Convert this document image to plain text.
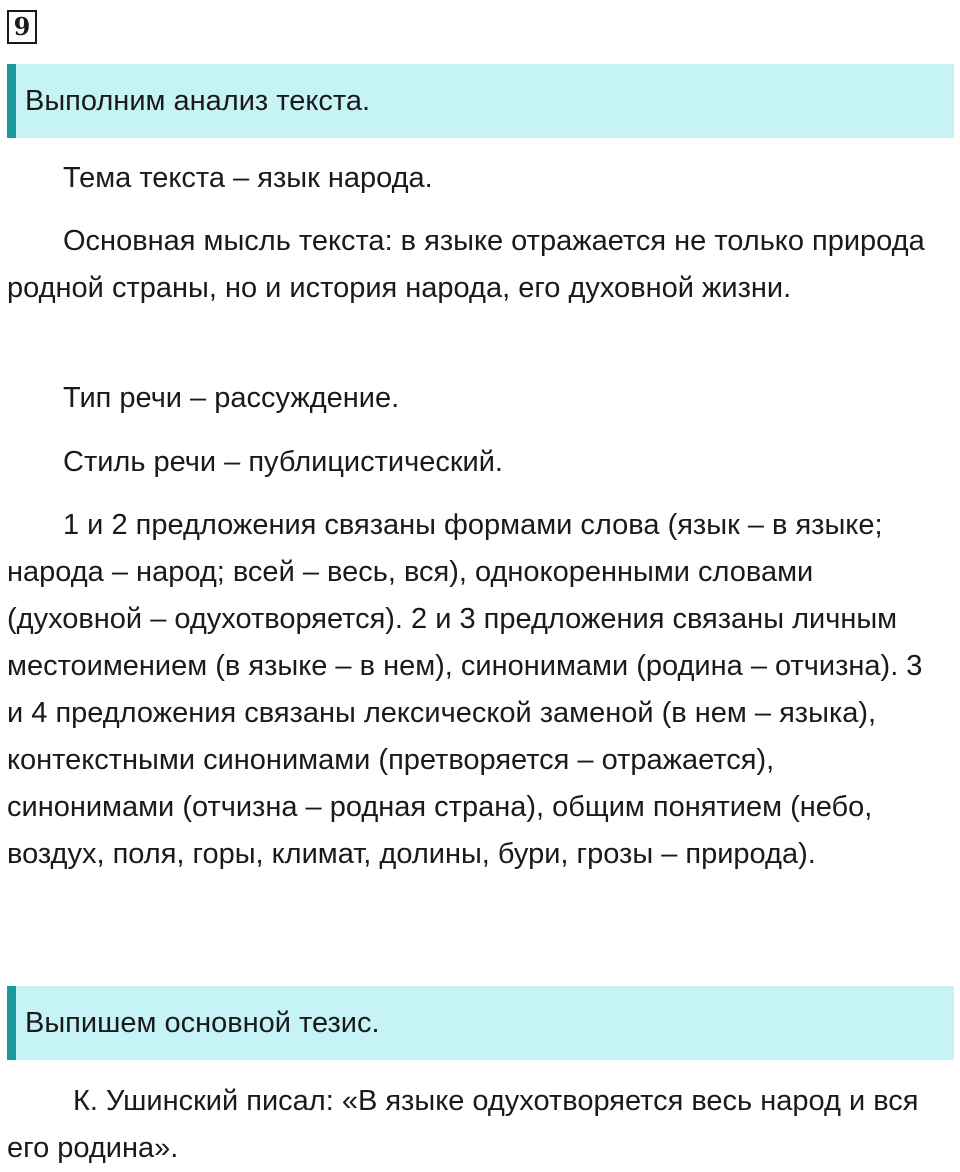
9
Выполним анализ текста.

Тема текста – язык народа.

Основная мысль текста: в языке отражается не только природа родной страны, но и история народа, его духовной жизни.

Тип речи – рассуждение.

Стиль речи – публицистический.

1 и 2 предложения связаны формами слова (язык – в языке; народа – народ; всей – весь, вся), однокоренными словами (духовной – одухотворяется). 2 и 3 предложения связаны личным местоимением (в языке – в нем), синонимами (родина – отчизна). 3 и 4 предложения связаны лексической заменой (в нем – языка), контекстными синонимами (претворяется – отражается), синонимами (отчизна – родная страна), общим понятием (небо, воздух, поля, горы, климат, долины, бури, грозы – природа).

Выпишем основной тезис.

К. Ушинский писал: «В языке одухотворяется весь народ и вся его родина».
